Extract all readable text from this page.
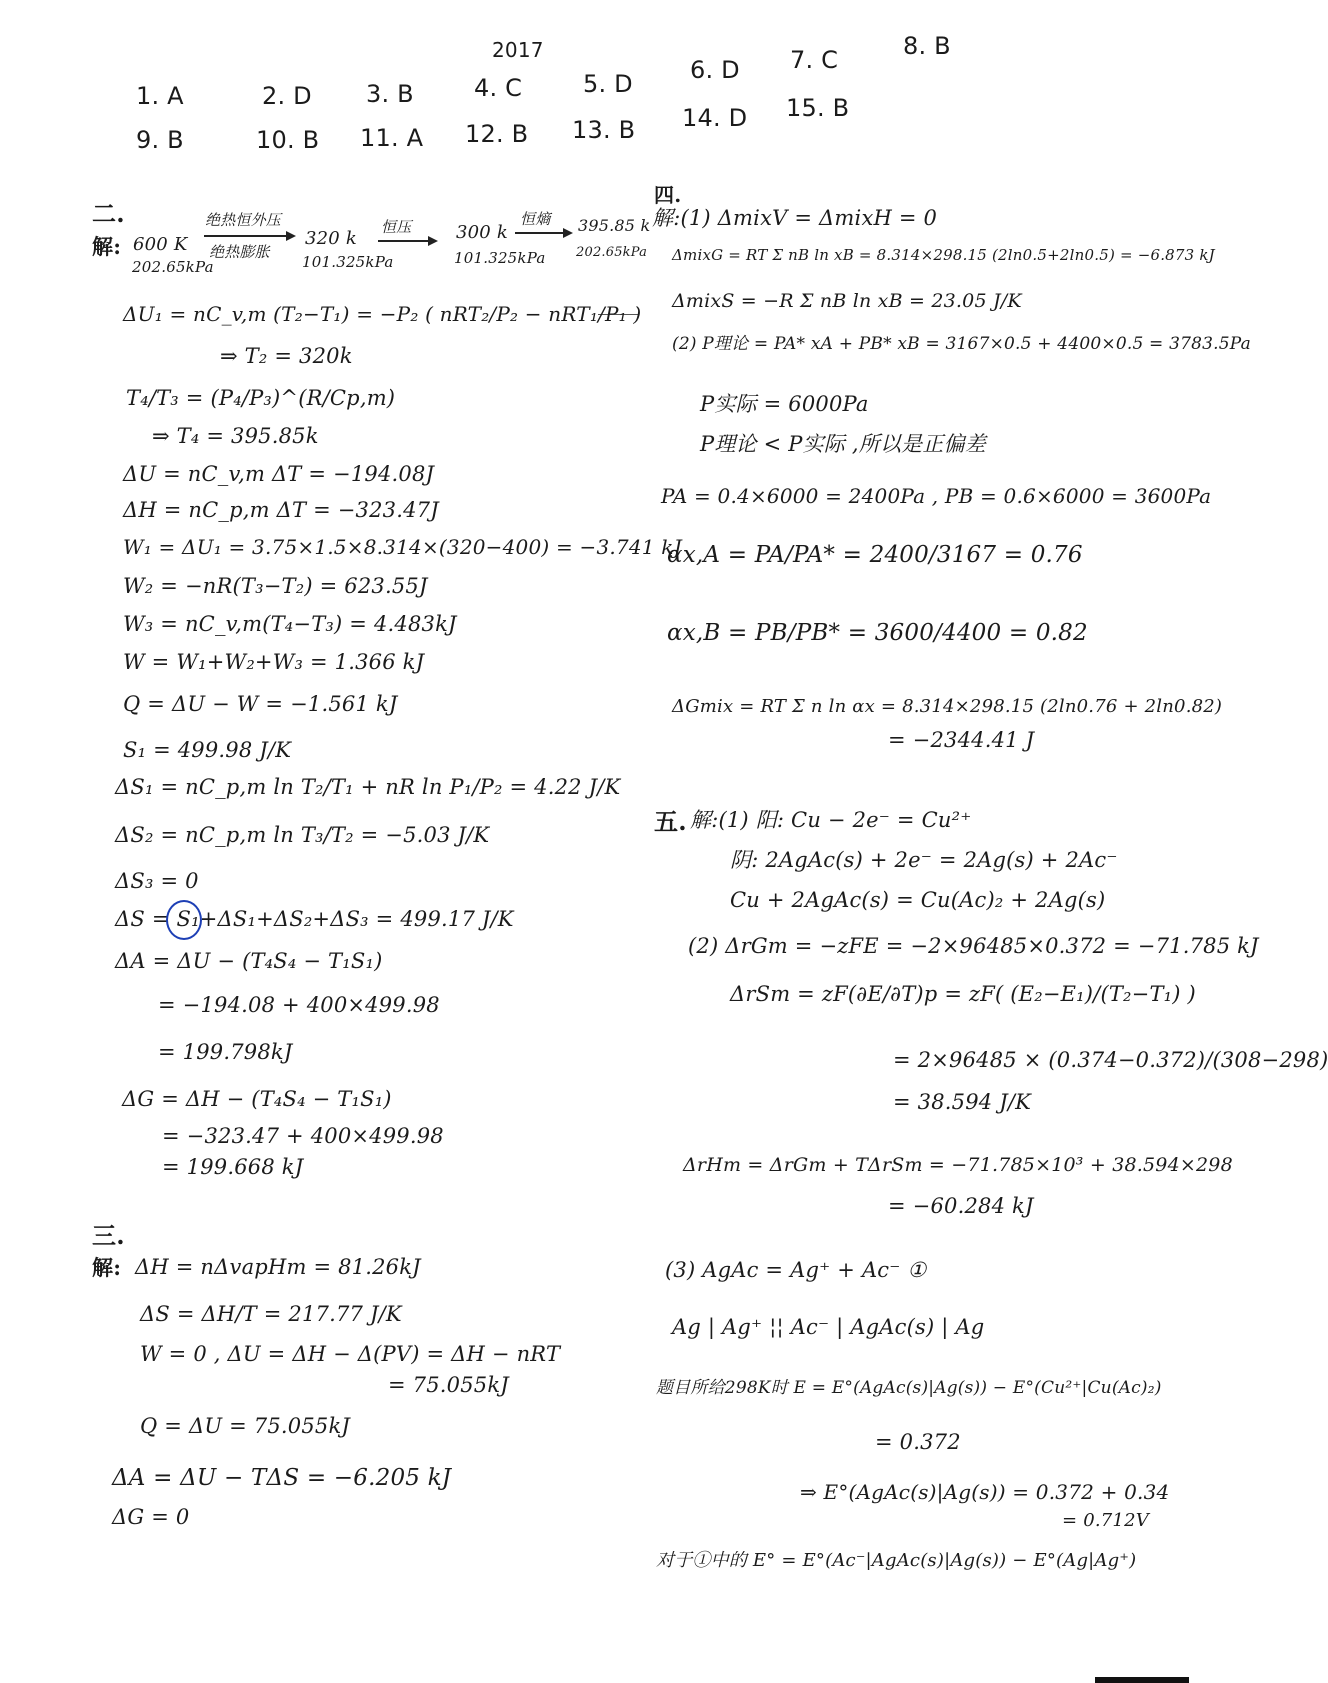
2017
1. A	2. D 3. B	4. C	5. D 6. D 7. C	8. B
9. B	10. B 11. A 12. B 13. B 14. D 15. B
二.
解: 600 K
202.65kPa
绝热恒外压
绝热膨胀
320 k
101.325kPa
恒压 300 k
101.325kPa
恒熵 395.85 k
202.65kPa
ΔU₁ = nC_v,m (T₂−T₁) = −P₂ ( nRT₂/P₂ − nRT₁/P₁ )
⇒ T₂ = 320k
T₄/T₃ = (P₄/P₃)^(R/Cp,m)
⇒ T₄ = 395.85k
ΔU = nC_v,m ΔT = −194.08J
ΔH = nC_p,m ΔT = −323.47J
W₁ = ΔU₁ = 3.75×1.5×8.314×(320−400) = −3.741 kJ
W₂ = −nR(T₃−T₂) = 623.55J
W₃ = nC_v,m(T₄−T₃) = 4.483kJ
W = W₁+W₂+W₃ = 1.366 kJ
Q = ΔU − W = −1.561 kJ
S₁ = 499.98 J/K
ΔS₁ = nC_p,m ln T₂/T₁ + nR ln P₁/P₂ = 4.22 J/K
ΔS₂ = nC_p,m ln T₃/T₂ = −5.03 J/K
ΔS₃ = 0
ΔS = S₁+ΔS₁+ΔS₂+ΔS₃ = 499.17 J/K
ΔA = ΔU − (T₄S₄ − T₁S₁)
= −194.08 + 400×499.98
= 199.798kJ
ΔG = ΔH − (T₄S₄ − T₁S₁)
= −323.47 + 400×499.98
= 199.668 kJ
三.
解: ΔH = nΔvapHm = 81.26kJ
ΔS = ΔH/T = 217.77 J/K
W = 0 , ΔU = ΔH − Δ(PV) = ΔH − nRT
= 75.055kJ
Q = ΔU = 75.055kJ
ΔA = ΔU − TΔS = −6.205 kJ
ΔG = 0
四.
解:(1) ΔmixV = ΔmixH = 0
ΔmixG = RT Σ nB ln xB = 8.314×298.15 (2ln0.5+2ln0.5) = −6.873 kJ
ΔmixS = −R Σ nB ln xB = 23.05 J/K
(2) P理论 = PA* xA + PB* xB = 3167×0.5 + 4400×0.5 = 3783.5Pa
P实际 = 6000Pa
P理论 < P实际 ,所以是正偏差
PA = 0.4×6000 = 2400Pa , PB = 0.6×6000 = 3600Pa
αx,A = PA/PA* = 2400/3167 = 0.76
αx,B = PB/PB* = 3600/4400 = 0.82
ΔGmix = RT Σ n ln αx = 8.314×298.15 (2ln0.76 + 2ln0.82)
= −2344.41 J
五. 解:(1) 阳: Cu − 2e⁻ = Cu²⁺
阴: 2AgAc(s) + 2e⁻ = 2Ag(s) + 2Ac⁻
Cu + 2AgAc(s) = Cu(Ac)₂ + 2Ag(s)
(2) ΔrGm = −zFE = −2×96485×0.372 = −71.785 kJ
ΔrSm = zF(∂E/∂T)p = zF( (E₂−E₁)/(T₂−T₁) )
= 2×96485 × (0.374−0.372)/(308−298)
= 38.594 J/K
ΔrHm = ΔrGm + TΔrSm = −71.785×10³ + 38.594×298
= −60.284 kJ
(3) AgAc = Ag⁺ + Ac⁻ ①
Ag | Ag⁺ ¦¦ Ac⁻ | AgAc(s) | Ag
题目所给298K时 E = E°(AgAc(s)|Ag(s)) − E°(Cu²⁺|Cu(Ac)₂)
= 0.372
⇒ E°(AgAc(s)|Ag(s)) = 0.372 + 0.34
= 0.712V
对于①中的 E° = E°(Ac⁻|AgAc(s)|Ag(s)) − E°(Ag|Ag⁺)
